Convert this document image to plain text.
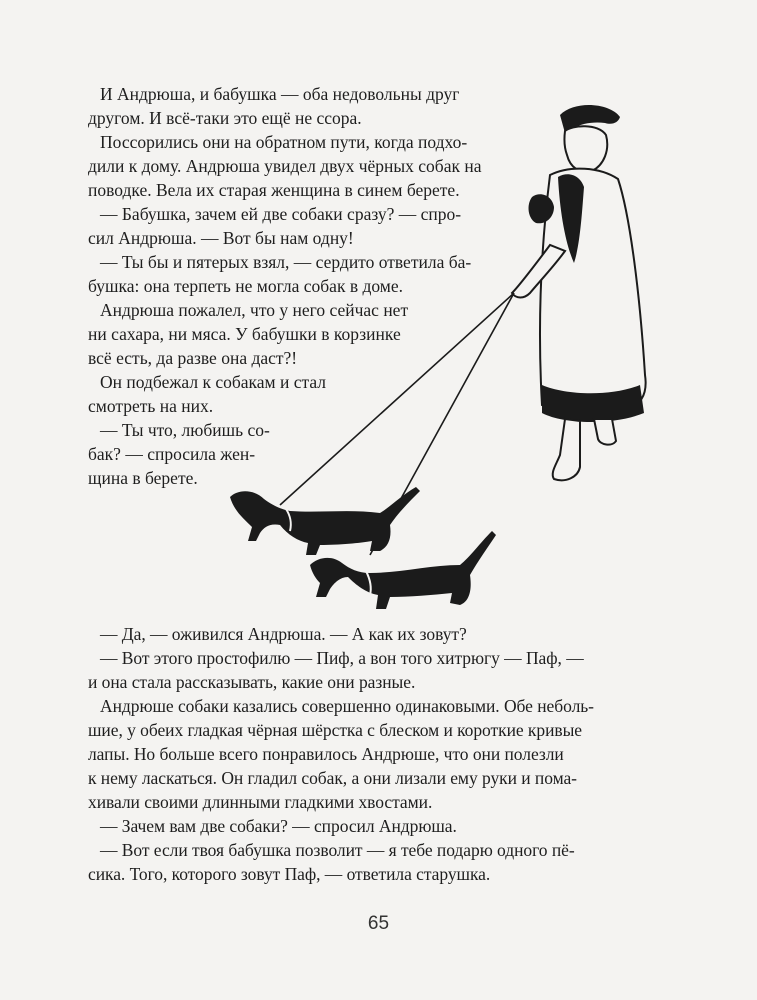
И Андрюша, и бабушка — оба недовольны друг
другом. И всё-таки это ещё не ссора.
Поссорились они на обратном пути, когда подхо-
дили к дому. Андрюша увидел двух чёрных собак на
поводке. Вела их старая женщина в синем берете.
— Бабушка, зачем ей две собаки сразу? — спро-
сил Андрюша. — Вот бы нам одну!
— Ты бы и пятерых взял, — сердито ответила ба-
бушка: она терпеть не могла собак в доме.
Андрюша пожалел, что у него сейчас нет
ни сахара, ни мяса. У бабушки в корзинке
всё есть, да разве она даст?!
Он подбежал к собакам и стал
смотреть на них.
— Ты что, любишь со-
бак? — спросила жен-
щина в берете.
— Да, — оживился Андрюша. — А как их зовут?
— Вот этого простофилю — Пиф, а вон того хитрюгу — Паф, —
и она стала рассказывать, какие они разные.
Андрюше собаки казались совершенно одинаковыми. Обе неболь-
шие, у обеих гладкая чёрная шёрстка с блеском и короткие кривые
лапы. Но больше всего понравилось Андрюше, что они полезли
к нему ласкаться. Он гладил собак, а они лизали ему руки и пома-
хивали своими длинными гладкими хвостами.
— Зачем вам две собаки? — спросил Андрюша.
— Вот если твоя бабушка позволит — я тебе подарю одного пё-
сика. Того, которого зовут Паф, — ответила старушка.
65
